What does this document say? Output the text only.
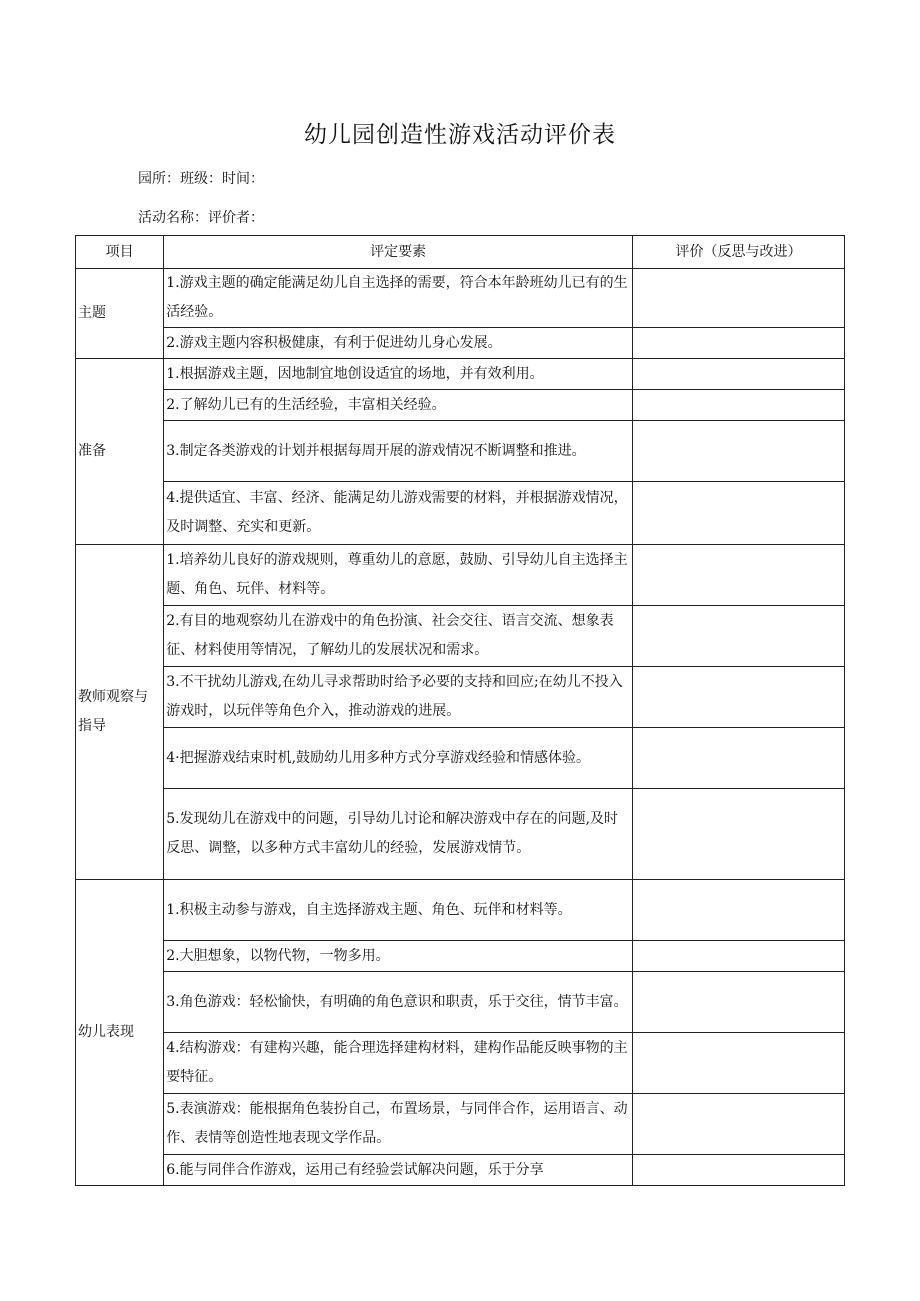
幼儿园创造性游戏活动评价表
园所：班级：时间：
活动名称：评价者：
项目	评定要素	评价（反思与改进）
主题	1.游戏主题的确定能满足幼儿自主选择的需要，符合本年龄班幼儿已有的生活经验。	
	2.游戏主题内容积极健康，有利于促进幼儿身心发展。	
准备	1.根据游戏主题，因地制宜地创设适宜的场地，并有效利用。	
	2.了解幼儿已有的生活经验，丰富相关经验。	
	3.制定各类游戏的计划并根据每周开展的游戏情况不断调整和推进。	
	4.提供适宜、丰富、经济、能满足幼儿游戏需要的材料，并根据游戏情况，及时调整、充实和更新。	
教师观察与指导	1.培养幼儿良好的游戏规则，尊重幼儿的意愿，鼓励、引导幼儿自主选择主题、角色、玩伴、材料等。	
	2.有目的地观察幼儿在游戏中的角色扮演、社会交往、语言交流、想象表征、材料使用等情况，了解幼儿的发展状况和需求。	
	3.不干扰幼儿游戏,在幼儿寻求帮助时给予必要的支持和回应;在幼儿不投入游戏时，以玩伴等角色介入，推动游戏的进展。	
	4·把握游戏结束时机,鼓励幼儿用多种方式分享游戏经验和情感体验。	
	5.发现幼儿在游戏中的问题，引导幼儿讨论和解决游戏中存在的问题,及时反思、调整，以多种方式丰富幼儿的经验，发展游戏情节。	
幼儿表现	1.积极主动参与游戏，自主选择游戏主题、角色、玩伴和材料等。	
	2.大胆想象，以物代物，一物多用。	
	3.角色游戏：轻松愉快，有明确的角色意识和职责，乐于交往，情节丰富。	
	4.结构游戏：有建构兴趣，能合理选择建构材料，建构作品能反映事物的主要特征。	
	5.表演游戏：能根据角色装扮自己，布置场景，与同伴合作，运用语言、动作、表情等创造性地表现文学作品。	
	6.能与同伴合作游戏，运用己有经验尝试解决问题，乐于分享	
